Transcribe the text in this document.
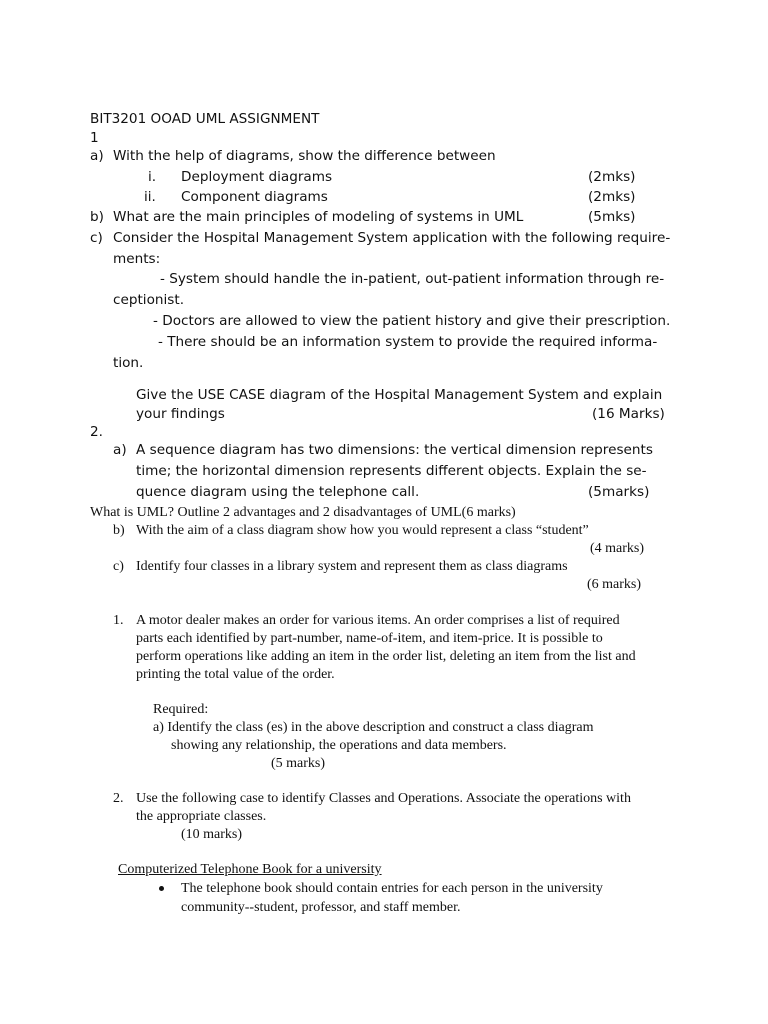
BIT3201 OOAD UML ASSIGNMENT
1
a) With the help of diagrams, show the difference between
i. Deployment diagrams	(2mks)
ii. Component diagrams	(2mks)
b) What are the main principles of modeling of systems in UML	(5mks)
c) Consider the Hospital Management System application with the following require-
ments:
- System should handle the in-patient, out-patient information through re-
ceptionist.
- Doctors are allowed to view the patient history and give their prescription.
- There should be an information system to provide the required informa-
tion.
Give the USE CASE diagram of the Hospital Management System and explain
your findings	(16 Marks)
2.
a) A sequence diagram has two dimensions: the vertical dimension represents
time; the horizontal dimension represents different objects. Explain the se-
quence diagram using the telephone call.	(5marks)
What is UML? Outline 2 advantages and 2 disadvantages of UML(6 marks)
b) With the aim of a class diagram show how you would represent a class “student”
(4 marks)
c) Identify four classes in a library system and represent them as class diagrams
(6 marks)
1. A motor dealer makes an order for various items. An order comprises a list of required
parts each identified by part-number, name-of-item, and item-price. It is possible to
perform operations like adding an item in the order list, deleting an item from the list and
printing the total value of the order.
Required:
a) Identify the class (es) in the above description and construct a class diagram
showing any relationship, the operations and data members.
(5 marks)
2. Use the following case to identify Classes and Operations. Associate the operations with
the appropriate classes.
(10 marks)
Computerized Telephone Book for a university
The telephone book should contain entries for each person in the university
community--student, professor, and staff member.
